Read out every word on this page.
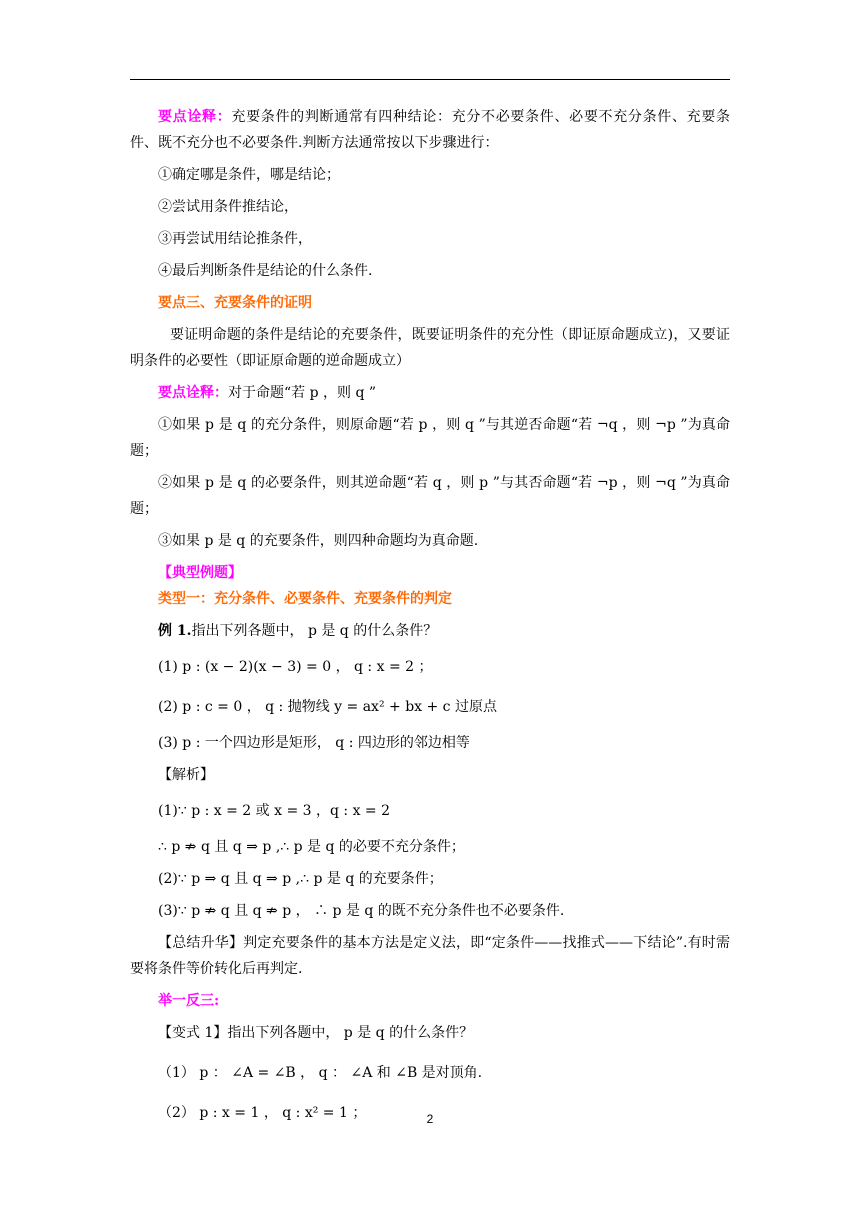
要点诠释：充要条件的判断通常有四种结论：充分不必要条件、必要不充分条件、充要条件、既不充分也不必要条件.判断方法通常按以下步骤进行：

①确定哪是条件，哪是结论；

②尝试用条件推结论，

③再尝试用结论推条件，

④最后判断条件是结论的什么条件.

要点三、充要条件的证明

要证明命题的条件是结论的充要条件，既要证明条件的充分性（即证原命题成立)，又要证明条件的必要性（即证原命题的逆命题成立）

要点诠释：对于命题“若 p ，则 q ”

①如果 p 是 q 的充分条件，则原命题“若 p ，则 q ”与其逆否命题“若 ¬q ，则 ¬p ”为真命题；

②如果 p 是 q 的必要条件，则其逆命题“若 q ，则 p ”与其否命题“若 ¬p ，则 ¬q ”为真命题；

③如果 p 是 q 的充要条件，则四种命题均为真命题.

【典型例题】

类型一：充分条件、必要条件、充要条件的判定

例 1.指出下列各题中， p 是 q 的什么条件？

(1) p : (x − 2)(x − 3) = 0 ， q : x = 2 ；

(2) p : c = 0 ， q : 抛物线 y = ax² + bx + c 过原点

(3) p : 一个四边形是矩形， q : 四边形的邻边相等

【解析】

(1)∵ p : x = 2 或 x = 3 ，q : x = 2

∴ p ⇏ q 且 q ⇒ p ,∴ p 是 q 的必要不充分条件；

(2)∵ p ⇒ q 且 q ⇒ p ,∴ p 是 q 的充要条件；

(3)∵ p ⇏ q 且 q ⇏ p ， ∴ p 是 q 的既不充分条件也不必要条件.

【总结升华】判定充要条件的基本方法是定义法，即“定条件——找推式——下结论”.有时需要将条件等价转化后再判定.

举一反三:

【变式 1】指出下列各题中， p 是 q 的什么条件？

（1） p ： ∠A = ∠B ， q ： ∠A 和 ∠B 是对顶角.

（2） p : x = 1 ， q : x² = 1 ；	2
